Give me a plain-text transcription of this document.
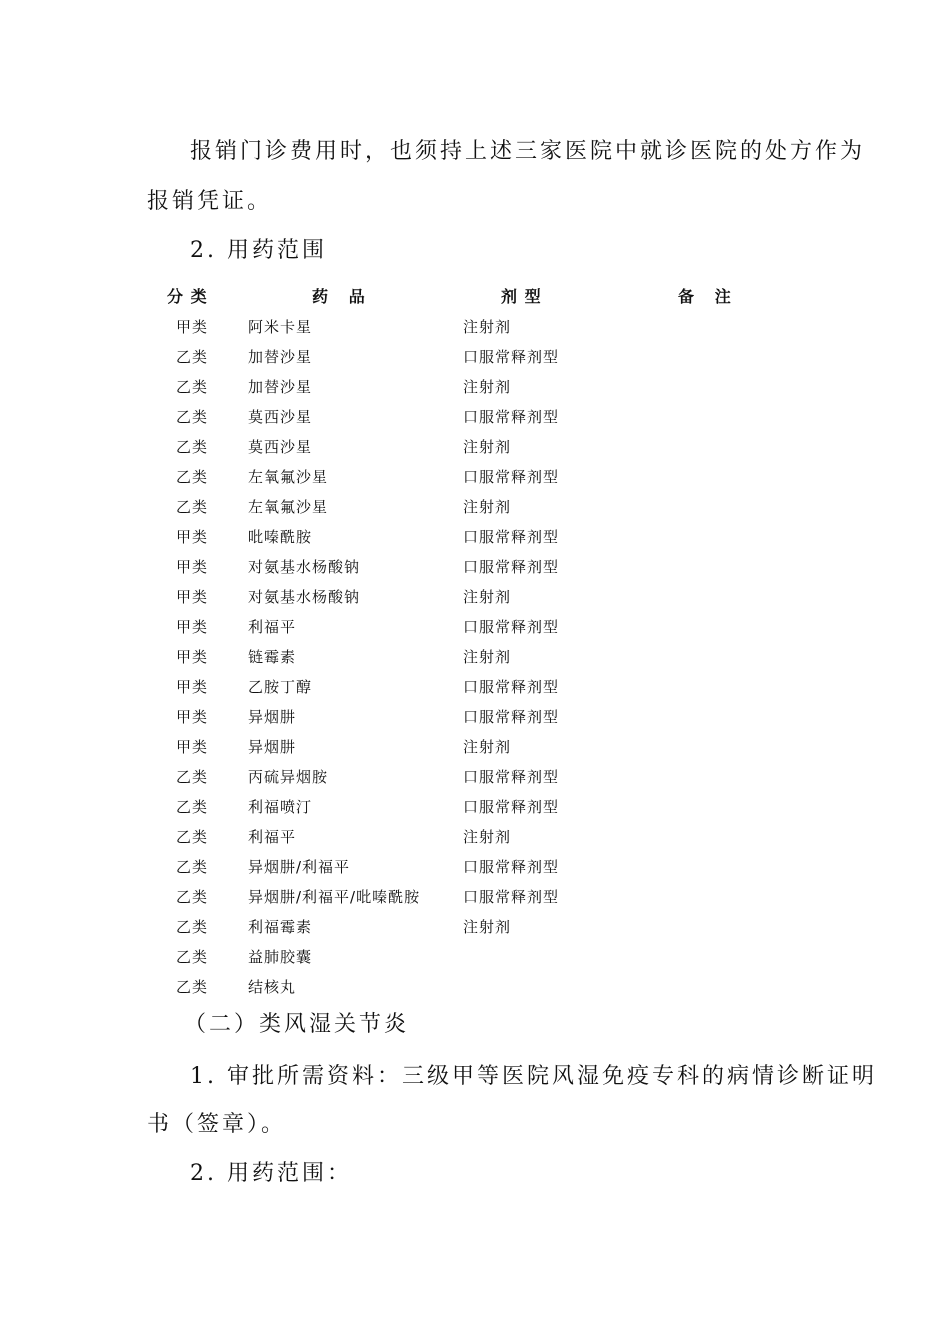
报销门诊费用时，也须持上述三家医院中就诊医院的处方作为
报销凭证。
2. 用药范围
分 类	药   品	剂 型	备   注
甲类	阿米卡星	注射剂
乙类	加替沙星	口服常释剂型
乙类	加替沙星	注射剂
乙类	莫西沙星	口服常释剂型
乙类	莫西沙星	注射剂
乙类	左氧氟沙星	口服常释剂型
乙类	左氧氟沙星	注射剂
甲类	吡嗪酰胺	口服常释剂型
甲类	对氨基水杨酸钠	口服常释剂型
甲类	对氨基水杨酸钠	注射剂
甲类	利福平	口服常释剂型
甲类	链霉素	注射剂
甲类	乙胺丁醇	口服常释剂型
甲类	异烟肼	口服常释剂型
甲类	异烟肼	注射剂
乙类	丙硫异烟胺	口服常释剂型
乙类	利福喷汀	口服常释剂型
乙类	利福平	注射剂
乙类	异烟肼/利福平	口服常释剂型
乙类	异烟肼/利福平/吡嗪酰胺	口服常释剂型
乙类	利福霉素	注射剂
乙类	益肺胶囊
乙类	结核丸
（二）类风湿关节炎
1. 审批所需资料：三级甲等医院风湿免疫专科的病情诊断证明
书（签章）。
2. 用药范围：
